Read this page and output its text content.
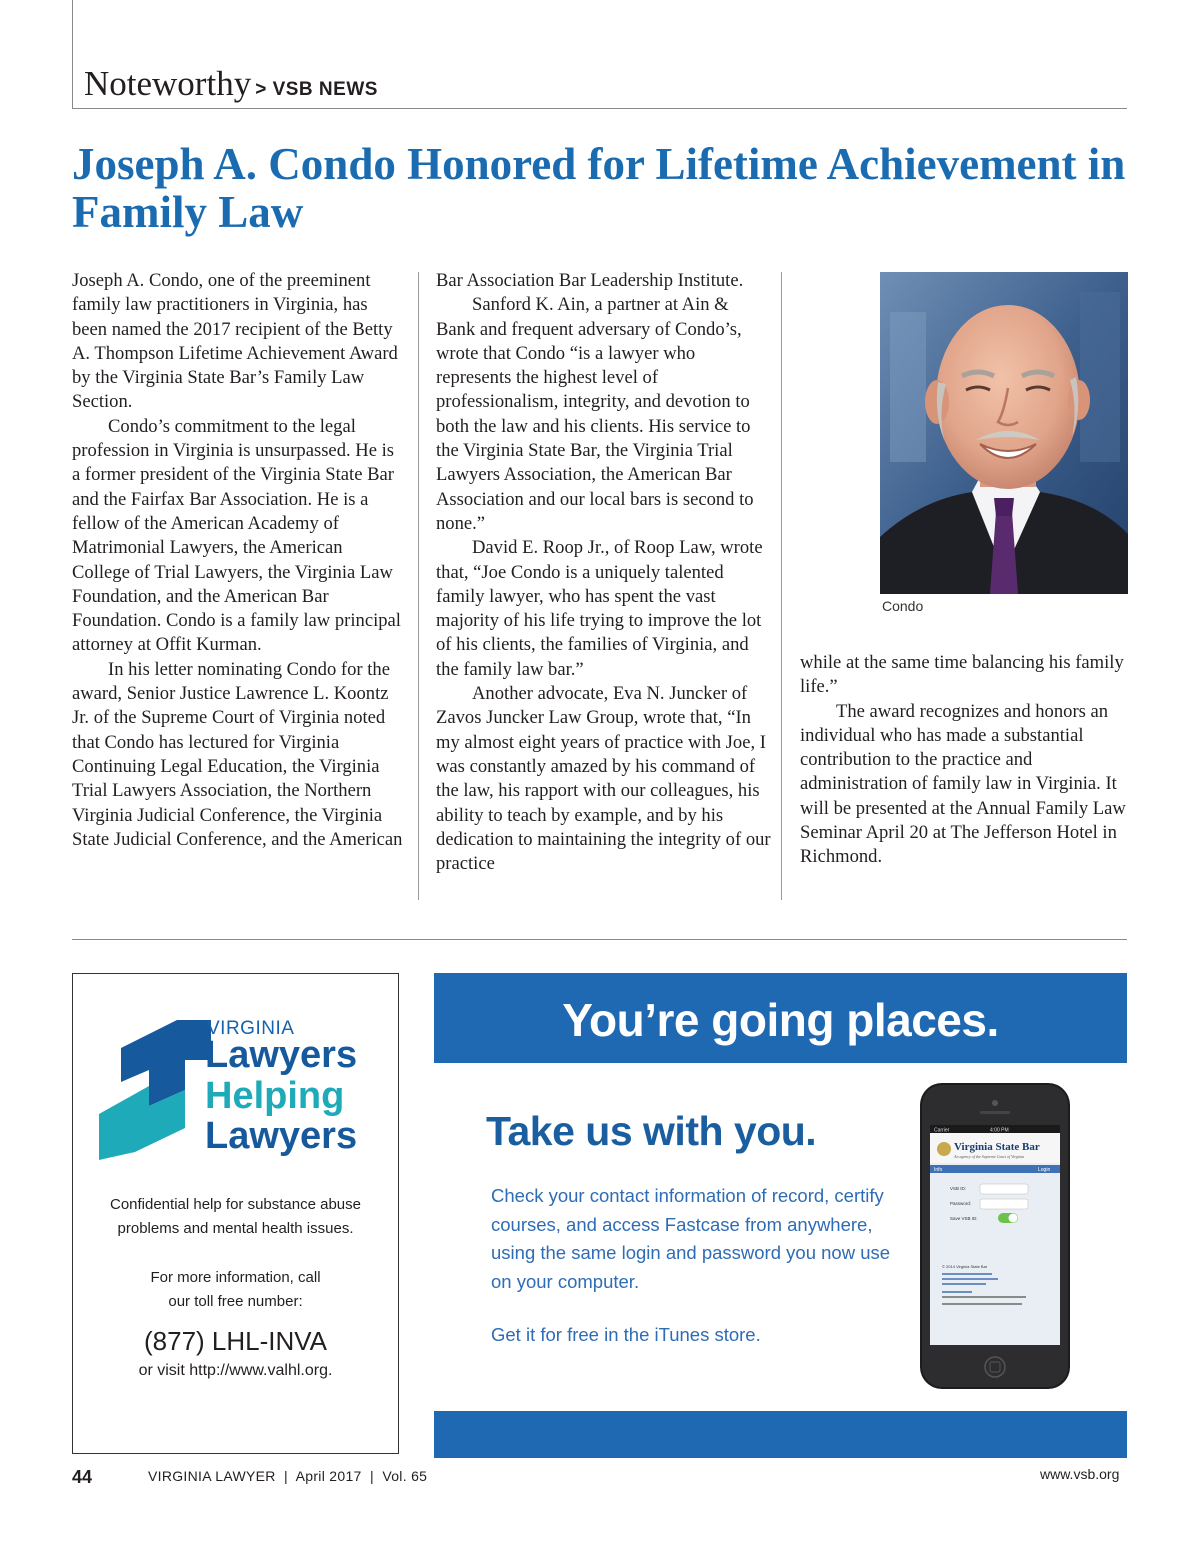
Noteworthy > VSB NEWS
Joseph A. Condo Honored for Lifetime Achievement in Family Law

Joseph A. Condo, one of the preeminent family law practitioners in Virginia, has been named the 2017 recipient of the Betty A. Thompson Lifetime Achievement Award by the Virginia State Bar’s Family Law Section.

Condo’s commitment to the legal profession in Virginia is unsurpassed. He is a former president of the Virginia State Bar and the Fairfax Bar Association. He is a fellow of the American Academy of Matrimonial Lawyers, the American College of Trial Lawyers, the Virginia Law Foundation, and the American Bar Foundation. Condo is a family law principal attorney at Offit Kurman.

In his letter nominating Condo for the award, Senior Justice Lawrence L. Koontz Jr. of the Supreme Court of Virginia noted that Condo has lectured for Virginia Continuing Legal Education, the Virginia Trial Lawyers Association, the Northern Virginia Judicial Conference, the Virginia State Judicial Conference, and the American

Bar Association Bar Leadership Institute.

Sanford K. Ain, a partner at Ain & Bank and frequent adversary of Condo’s, wrote that Condo “is a lawyer who represents the highest level of professionalism, integrity, and devotion to both the law and his clients. His service to the Virginia State Bar, the Virginia Trial Lawyers Association, the American Bar Association and our local bars is second to none.”

David E. Roop Jr., of Roop Law, wrote that, “Joe Condo is a uniquely talented family lawyer, who has spent the vast majority of his life trying to improve the lot of his clients, the families of Virginia, and the family law bar.”

Another advocate, Eva N. Juncker of Zavos Juncker Law Group, wrote that, “In my almost eight years of practice with Joe, I was constantly amazed by his command of the law, his rapport with our colleagues, his ability to teach by example, and by his dedication to maintaining the integrity of our practice

Condo

while at the same time balancing his family life.”

The award recognizes and honors an individual who has made a substantial contribution to the practice and administration of family law in Virginia. It will be presented at the Annual Family Law Seminar April 20 at The Jefferson Hotel in Richmond.

VIRGINIA
Lawyers
Helping
Lawyers
Confidential help for substance abuse problems and mental health issues.
For more information, call our toll free number:
(877) LHL-INVA
or visit http://www.valhl.org.
You’re going places.
Take us with you.
Check your contact information of record, certify courses, and access Fastcase from anywhere, using the same login and password you now use on your computer.
Get it for free in the iTunes store.
Carrier	4:00 PM
Virginia State Bar
An agency of the Supreme Court of Virginia
Info	Login
VSB ID:
Password:
Save VSB ID:
© 2014 Virginia State Bar
44	VIRGINIA LAWYER  |  April 2017  |  Vol. 65	www.vsb.org
